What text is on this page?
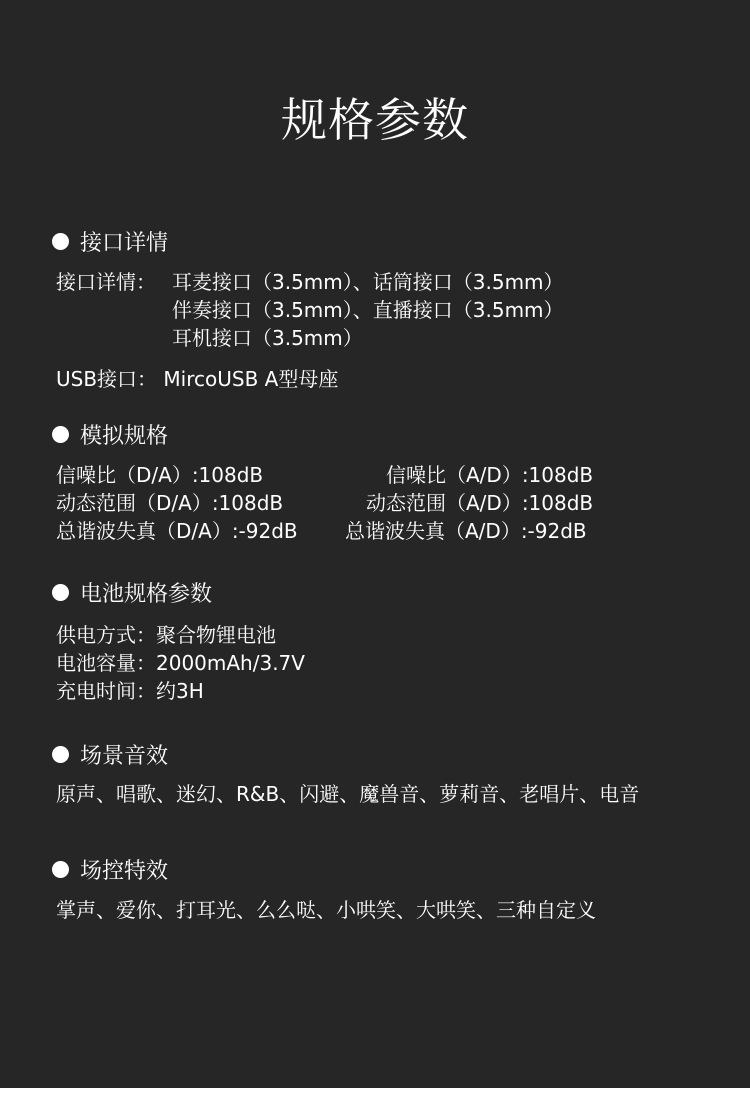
规格参数
接口详情
接口详情： 耳麦接口（3.5mm）、话筒接口（3.5mm）
伴奏接口（3.5mm）、直播接口（3.5mm）
耳机接口（3.5mm）
USB接口： MircoUSB A型母座
模拟规格
信噪比（D/A）:108dB	信噪比（A/D）:108dB
动态范围（D/A）:108dB	动态范围（A/D）:108dB
总谐波失真（D/A）:-92dB 总谐波失真（A/D）:-92dB
电池规格参数
供电方式：聚合物锂电池
电池容量：2000mAh/3.7V
充电时间：约3H
场景音效
原声、唱歌、迷幻、R&B、闪避、魔兽音、萝莉音、老唱片、电音
场控特效
掌声、爱你、打耳光、么么哒、小哄笑、大哄笑、三种自定义
